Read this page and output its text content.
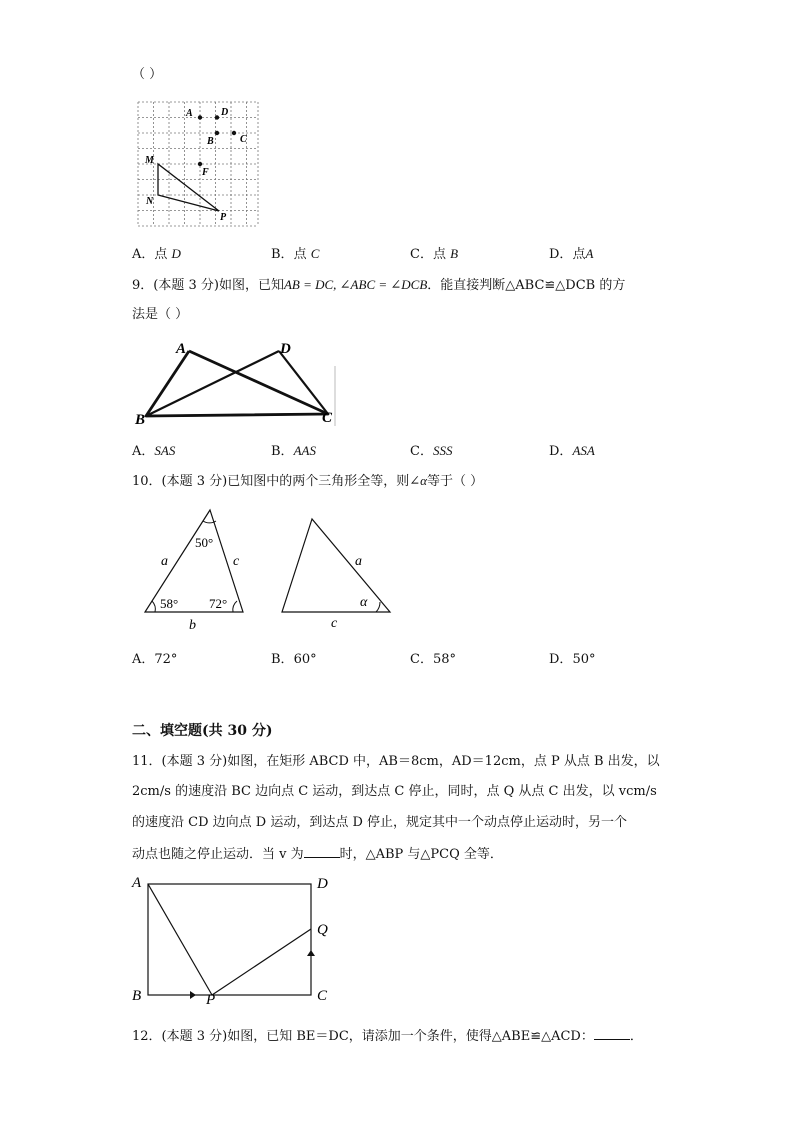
（ ）
A	D
B	C
M
F
N
P
A．点 D	B．点 C	C．点 B	D．点A
9．(本题 3 分)如图，已知AB = DC, ∠ABC = ∠DCB．能直接判断△ABC≌△DCB 的方
法是（ ）
A	D
B	C
A．SAS	B．AAS	C．SSS	D．ASA
10．(本题 3 分)已知图中的两个三角形全等，则∠α等于（ ）
50°
58° 72°
a	c
b
a
α
c
A．72°	B．60°	C．58°	D．50°
二、填空题(共 30 分)
11．(本题 3 分)如图，在矩形 ABCD 中，AB＝8cm，AD＝12cm，点 P 从点 B 出发，以
2cm/s 的速度沿 BC 边向点 C 运动，到达点 C 停止，同时，点 Q 从点 C 出发，以 vcm/s
的速度沿 CD 边向点 D 运动，到达点 D 停止，规定其中一个动点停止运动时，另一个
动点也随之停止运动．当 v 为	时，△ABP 与△PCQ 全等．
A	D
Q
B	P	C
12．(本题 3 分)如图，已知 BE＝DC，请添加一个条件，使得△ABE≌△ACD：	．
